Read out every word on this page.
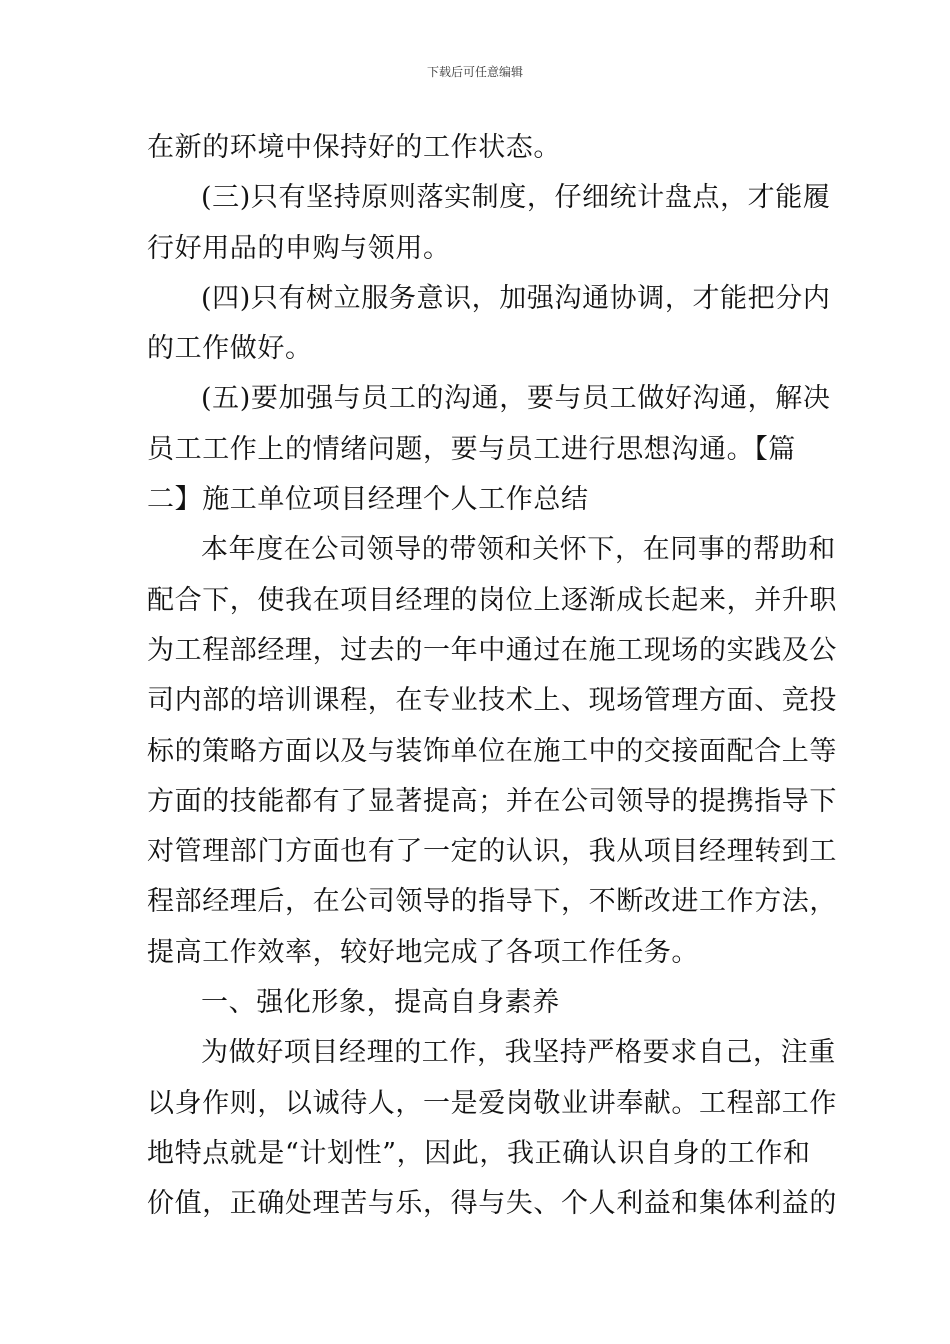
下载后可任意编辑
在新的环境中保持好的工作状态。
(三)只有坚持原则落实制度，仔细统计盘点，才能履
行好用品的申购与领用。
(四)只有树立服务意识，加强沟通协调，才能把分内
的工作做好。
(五)要加强与员工的沟通，要与员工做好沟通，解决
员工工作上的情绪问题，要与员工进行思想沟通。【篇
二】施工单位项目经理个人工作总结
本年度在公司领导的带领和关怀下，在同事的帮助和
配合下，使我在项目经理的岗位上逐渐成长起来，并升职
为工程部经理，过去的一年中通过在施工现场的实践及公
司内部的培训课程，在专业技术上、现场管理方面、竞投
标的策略方面以及与装饰单位在施工中的交接面配合上等
方面的技能都有了显著提高；并在公司领导的提携指导下
对管理部门方面也有了一定的认识，我从项目经理转到工
程部经理后，在公司领导的指导下，不断改进工作方法，
提高工作效率，较好地完成了各项工作任务。
一、强化形象，提高自身素养
为做好项目经理的工作，我坚持严格要求自己，注重
以身作则，以诚待人，一是爱岗敬业讲奉献。工程部工作
地特点就是“计划性”，因此，我正确认识自身的工作和
价值，正确处理苦与乐，得与失、个人利益和集体利益的
